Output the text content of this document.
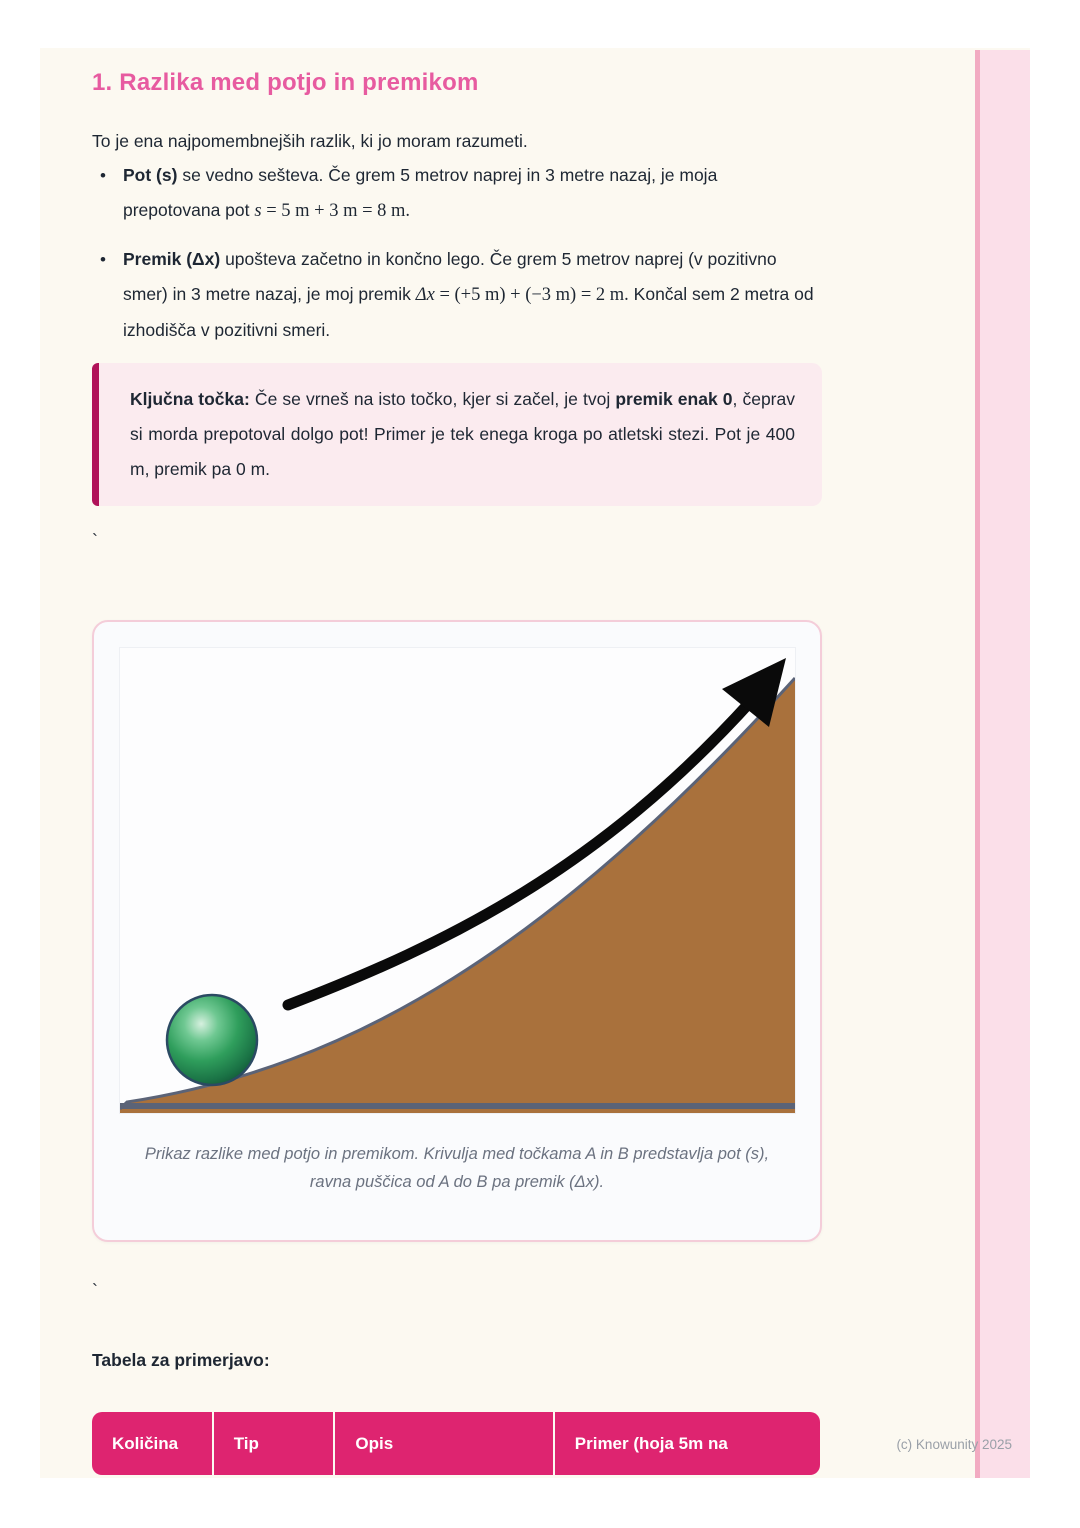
1. Razlika med potjo in premikom

To je ena najpomembnejših razlik, ki jo moram razumeti.

• Pot (s) se vedno sešteva. Če grem 5 metrov naprej in 3 metre nazaj, je moja prepotovana pot s = 5 m + 3 m = 8 m.
• Premik (Δx) upošteva začetno in končno lego. Če grem 5 metrov naprej (v pozitivno smer) in 3 metre nazaj, je moj premik Δx = (+5 m) + (−3 m) = 2 m. Končal sem 2 metra od izhodišča v pozitivni smeri.
Ključna točka: Če se vrneš na isto točko, kjer si začel, je tvoj premik enak 0, čeprav si morda prepotoval dolgo pot! Primer je tek enega kroga po atletski stezi. Pot je 400 m, premik pa 0 m.
`
Prikaz razlike med potjo in premikom. Krivulja med točkama A in B predstavlja pot (s), ravna puščica od A do B pa premik (Δx).
`
Tabela za primerjavo:
Količina	Tip	Opis	Primer (hoja 5m na	(c) Knowunity 2025
